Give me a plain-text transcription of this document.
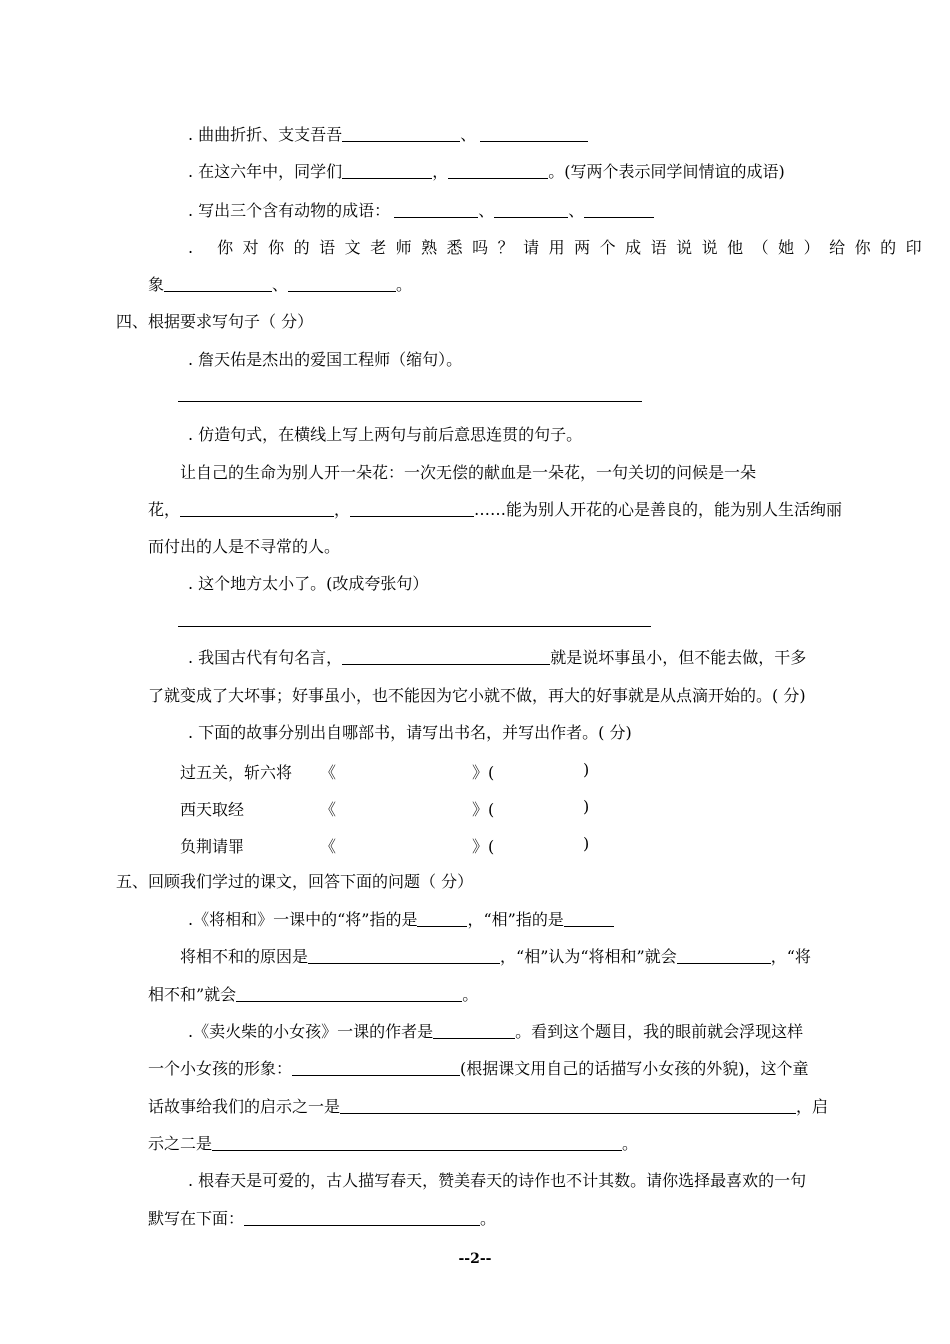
. 曲曲折折、支支吾吾	、
. 在这六年中，同学们	，	。(写两个表示同学间情谊的成语)
. 写出三个含有动物的成语：	、	、
. 你对你的语文老师熟悉吗？请用两个成语说说他（她）给你的印
象	、	。
四、根据要求写句子（ 分）
. 詹天佑是杰出的爱国工程师（缩句）。
. 仿造句式，在横线上写上两句与前后意思连贯的句子。
让自己的生命为别人开一朵花：一次无偿的献血是一朵花，一句关切的问候是一朵
花，	，	……能为别人开花的心是善良的，能为别人生活绚丽
而付出的人是不寻常的人。
. 这个地方太小了。(改成夸张句）
. 我国古代有句名言，	就是说坏事虽小，但不能去做，干多
了就变成了大坏事；好事虽小，也不能因为它小就不做，再大的好事就是从点滴开始的。( 分)
. 下面的故事分别出自哪部书，请写出书名，并写出作者。( 分)
过五关，斩六将 《	》(	)
西天取经	《	》(	)
负荆请罪	《	》(	)
五、回顾我们学过的课文，回答下面的问题（ 分）
.《将相和》一课中的“将”指的是	，“相”指的是
将相不和的原因是	，“相”认为“将相和”就会	，“将
相不和”就会	。
.《卖火柴的小女孩》一课的作者是	。看到这个题目，我的眼前就会浮现这样
一个小女孩的形象：	(根据课文用自己的话描写小女孩的外貌)，这个童
话故事给我们的启示之一是	，启
示之二是	。
. 根春天是可爱的，古人描写春天，赞美春天的诗作也不计其数。请你选择最喜欢的一句
默写在下面：	。
--2--
